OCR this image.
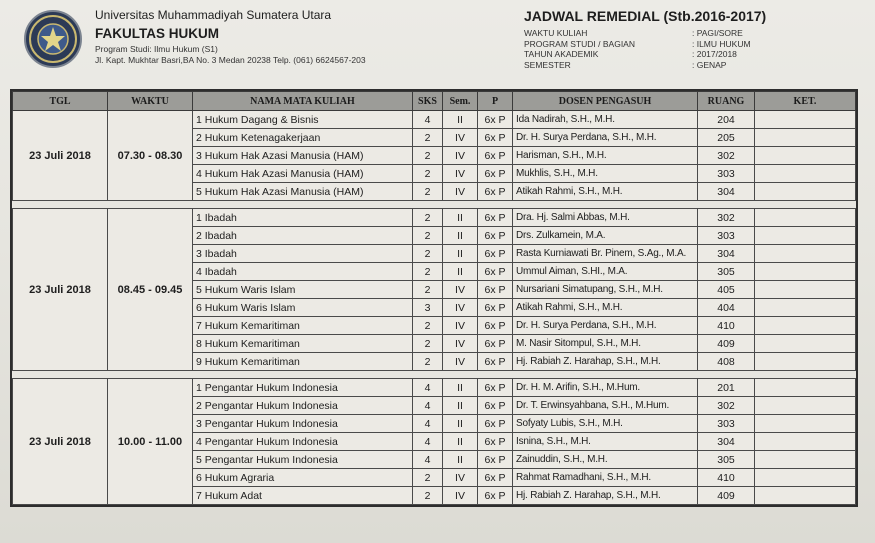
Universitas Muhammadiyah Sumatera Utara
FAKULTAS HUKUM
Program Studi: Ilmu Hukum (S1)
Jl. Kapt. Mukhtar Basri,BA No. 3 Medan 20238 Telp. (061) 6624567-203
JADWAL REMEDIAL (Stb.2016-2017)
WAKTU KULIAH	: PAGI/SORE
PROGRAM STUDI / BAGIAN	: ILMU HUKUM
TAHUN AKADEMIK	: 2017/2018
SEMESTER	: GENAP
TGL	WAKTU	NAMA MATA KULIAH	SKS	Sem.	P	DOSEN PENGASUH	RUANG	KET.
23 Juli 2018	07.30 - 08.30	1 Hukum Dagang & Bisnis	4	II	6x P	Ida Nadirah, S.H., M.H.	204	
		2 Hukum Ketenagakerjaan	2	IV	6x P	Dr. H. Surya Perdana, S.H., M.H.	205	
		3 Hukum Hak Azasi Manusia (HAM)	2	IV	6x P	Harisman, S.H., M.H.	302	
		4 Hukum Hak Azasi Manusia (HAM)	2	IV	6x P	Mukhlis, S.H., M.H.	303	
		5 Hukum Hak Azasi Manusia (HAM)	2	IV	6x P	Atikah Rahmi, S.H., M.H.	304	

23 Juli 2018	08.45 - 09.45	1 Ibadah	2	II	6x P	Dra. Hj. Salmi Abbas, M.H.	302	
		2 Ibadah	2	II	6x P	Drs. Zulkamein, M.A.	303	
		3 Ibadah	2	II	6x P	Rasta Kurniawati Br. Pinem, S.Ag., M.A.	304	
		4 Ibadah	2	II	6x P	Ummul Aiman, S.HI., M.A.	305	
		5 Hukum Waris Islam	2	IV	6x P	Nursariani Simatupang, S.H., M.H.	405	
		6 Hukum Waris Islam	3	IV	6x P	Atikah Rahmi, S.H., M.H.	404	
		7 Hukum Kemaritiman	2	IV	6x P	Dr. H. Surya Perdana, S.H., M.H.	410	
		8 Hukum Kemaritiman	2	IV	6x P	M. Nasir Sitompul, S.H., M.H.	409	
		9 Hukum Kemaritiman	2	IV	6x P	Hj. Rabiah Z. Harahap, S.H., M.H.	408	

23 Juli 2018	10.00 - 11.00	1 Pengantar Hukum Indonesia	4	II	6x P	Dr. H. M. Arifin, S.H., M.Hum.	201	
		2 Pengantar Hukum Indonesia	4	II	6x P	Dr. T. Erwinsyahbana, S.H., M.Hum.	302	
		3 Pengantar Hukum Indonesia	4	II	6x P	Sofyaty Lubis, S.H., M.H.	303	
		4 Pengantar Hukum Indonesia	4	II	6x P	Isnina, S.H., M.H.	304	
		5 Pengantar Hukum Indonesia	4	II	6x P	Zainuddin, S.H., M.H.	305	
		6 Hukum Agraria	2	IV	6x P	Rahmat Ramadhani, S.H., M.H.	410	
		7 Hukum Adat	2	IV	6x P	Hj. Rabiah Z. Harahap, S.H., M.H.	409	
